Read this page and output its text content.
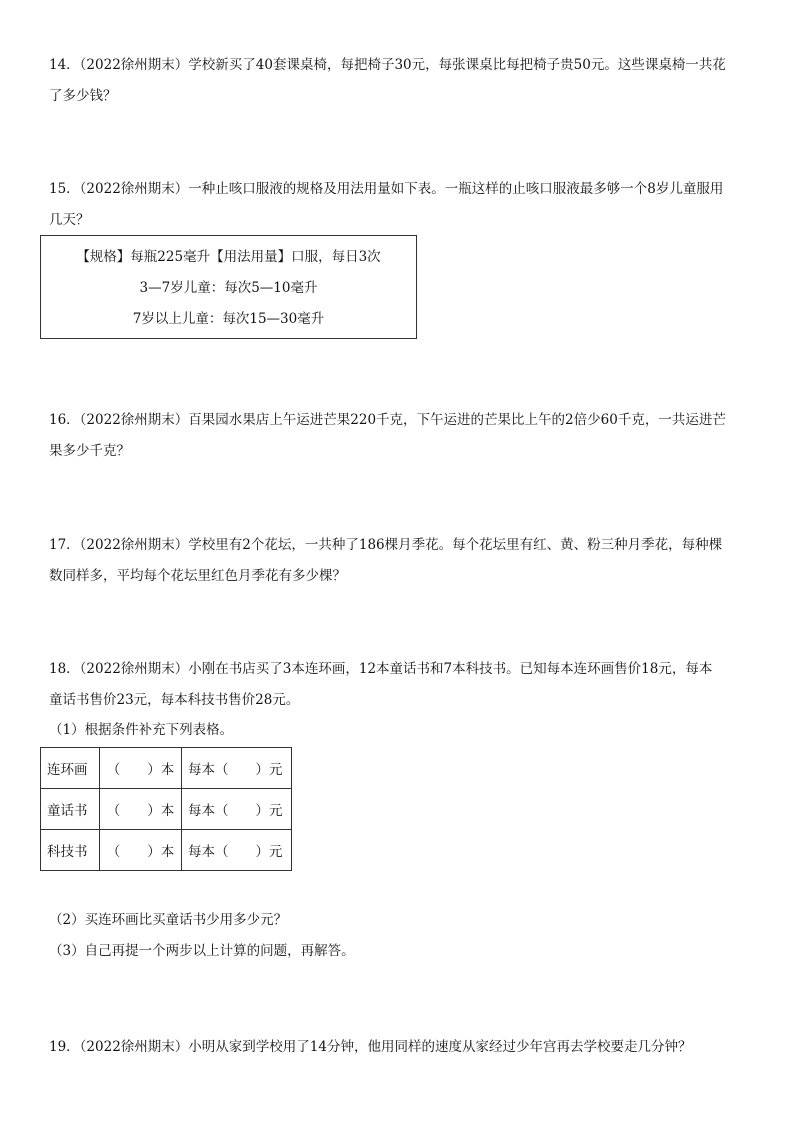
14．（2022徐州期末）学校新买了40套课桌椅，每把椅子30元，每张课桌比每把椅子贵50元。这些课桌椅一共花

了多少钱？

15．（2022徐州期末）一种止咳口服液的规格及用法用量如下表。一瓶这样的止咳口服液最多够一个8岁儿童服用

几天？

【规格】每瓶225毫升【用法用量】口服，每日3次
3—7岁儿童：每次5—10毫升
7岁以上儿童：每次15—30毫升

16．（2022徐州期末）百果园水果店上午运进芒果220千克，下午运进的芒果比上午的2倍少60千克，一共运进芒

果多少千克？

17．（2022徐州期末）学校里有2个花坛，一共种了186棵月季花。每个花坛里有红、黄、粉三种月季花，每种棵

数同样多，平均每个花坛里红色月季花有多少棵？

18．（2022徐州期末）小刚在书店买了3本连环画，12本童话书和7本科技书。已知每本连环画售价18元，每本

童话书售价23元，每本科技书售价28元。

（1）根据条件补充下列表格。
连环画	（　　）本	每本（　　）元
童话书	（　　）本	每本（　　）元
科技书	（　　）本	每本（　　）元
（2）买连环画比买童话书少用多少元？
（3）自己再提一个两步以上计算的问题，再解答。

19．（2022徐州期末）小明从家到学校用了14分钟，他用同样的速度从家经过少年宫再去学校要走几分钟？
